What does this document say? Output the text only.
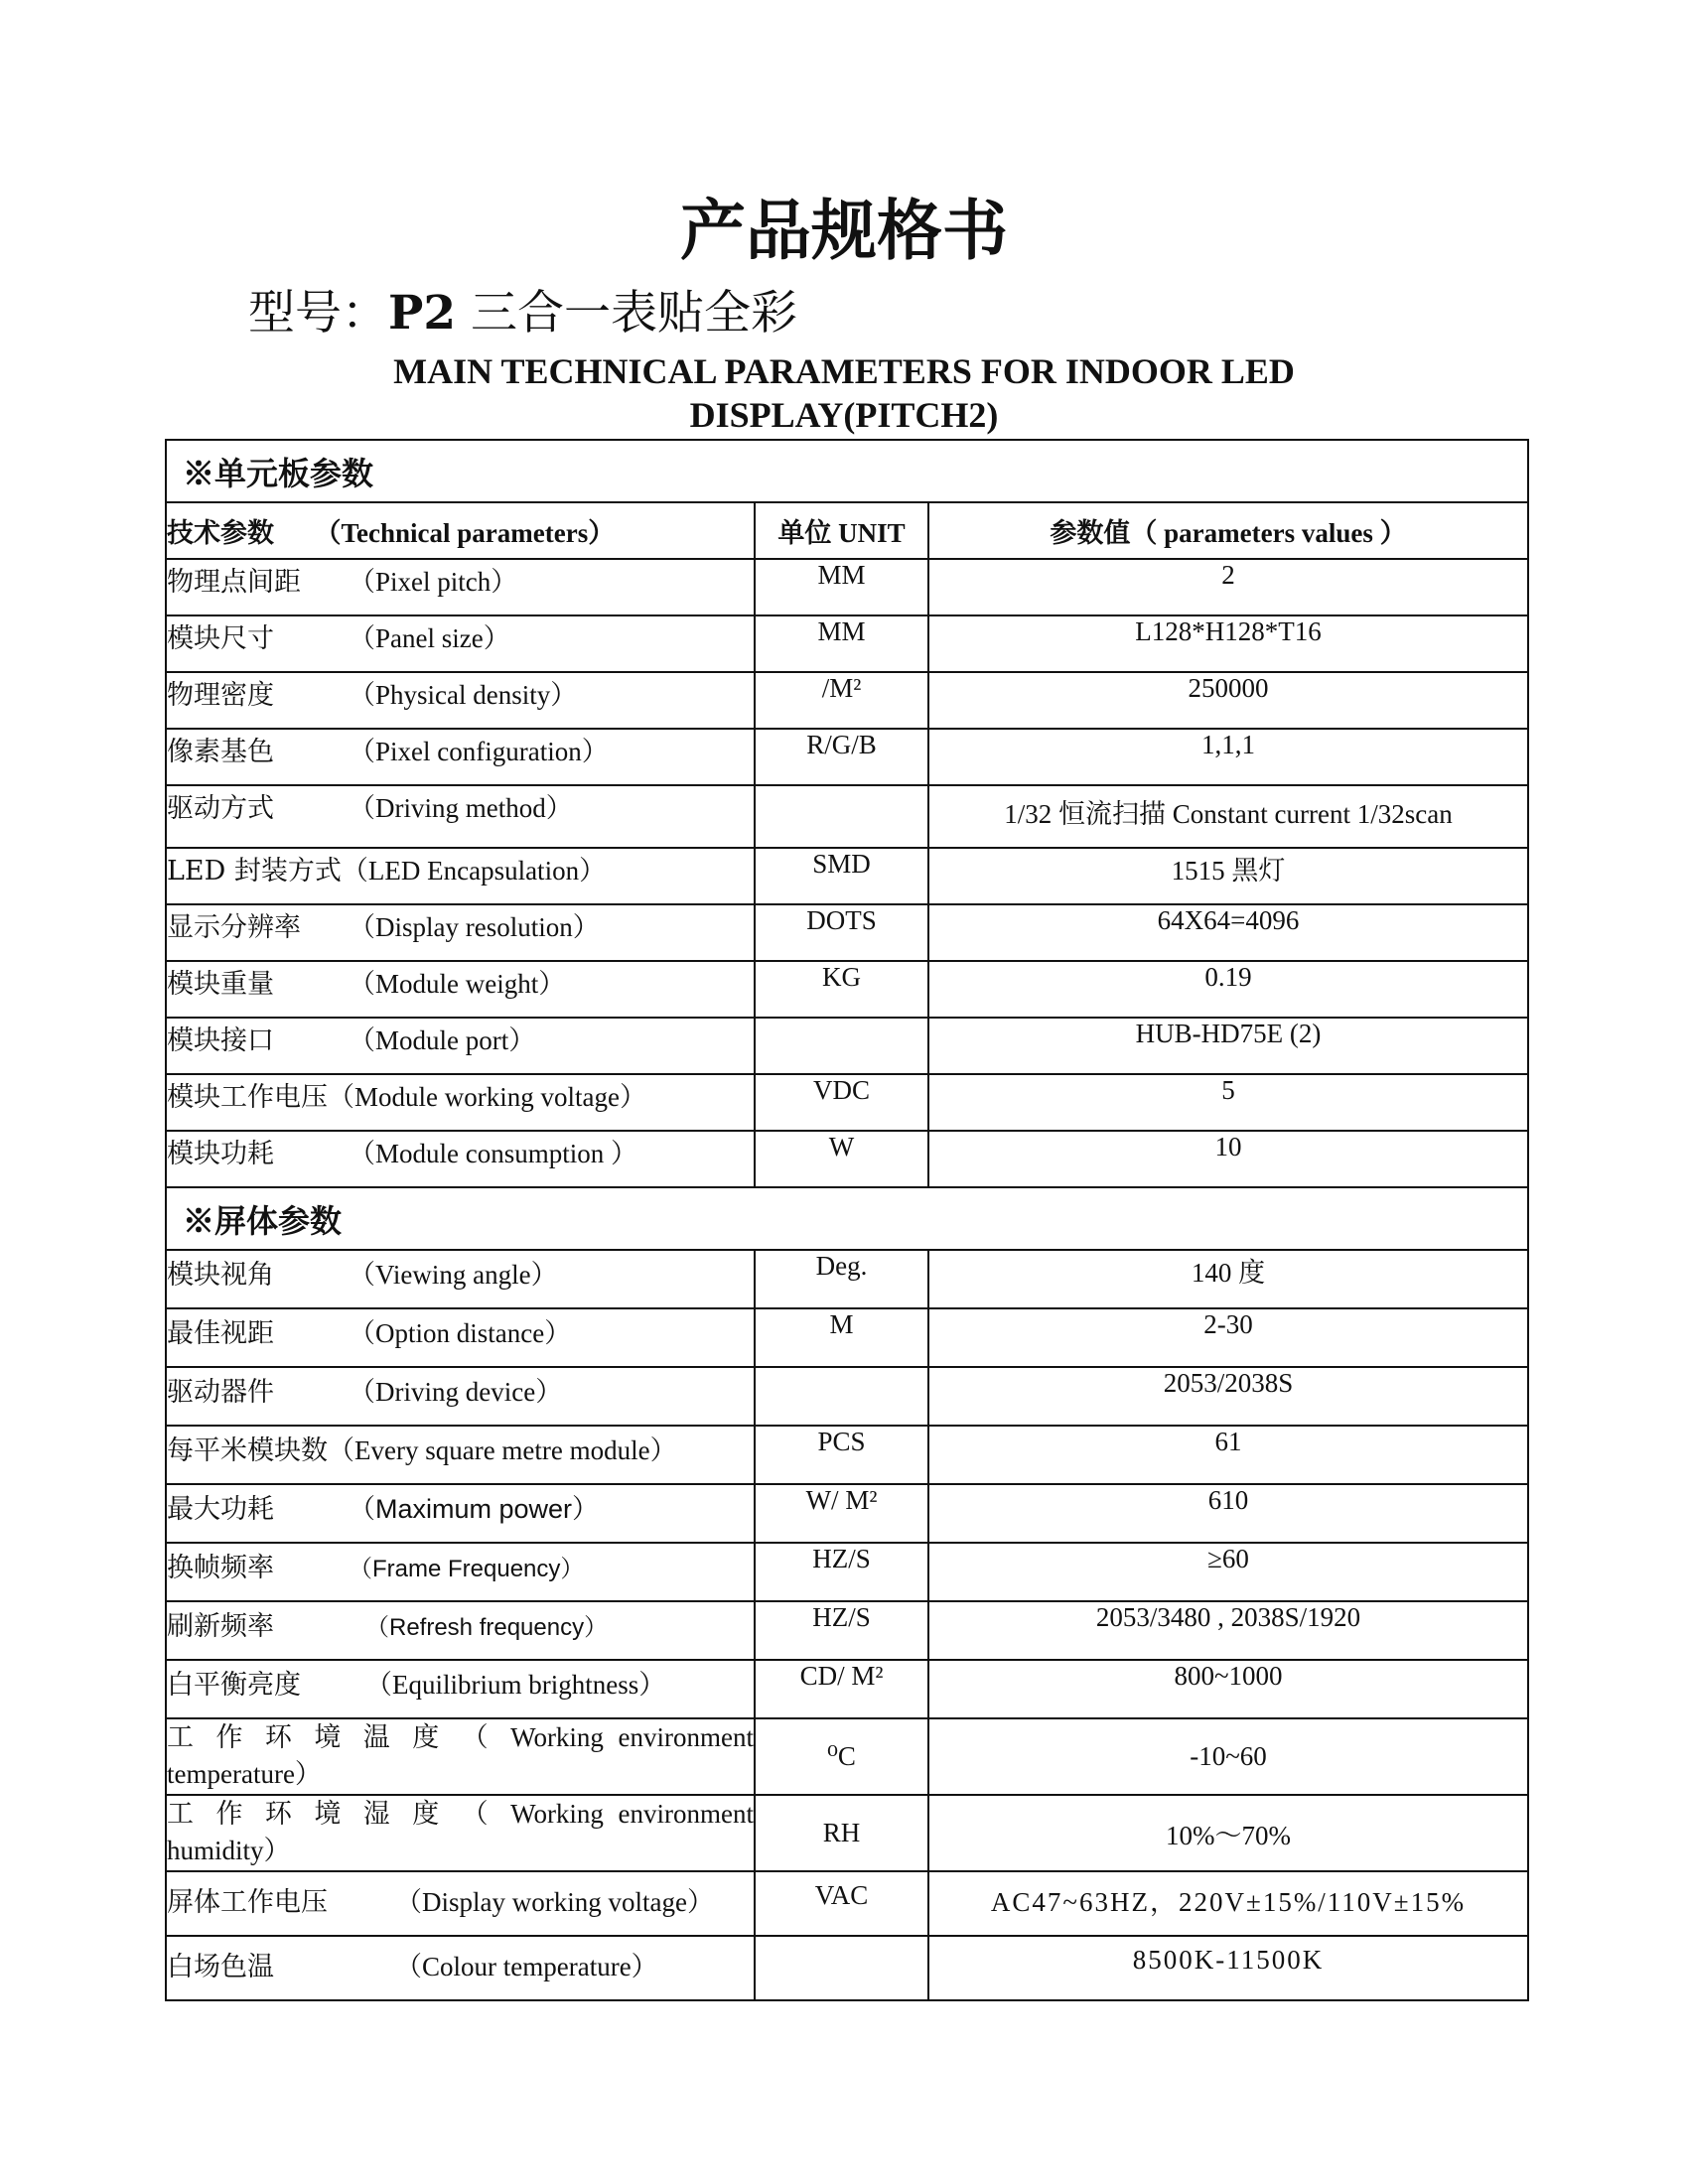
产品规格书

型号：P2 三合一表贴全彩

MAIN TECHNICAL PARAMETERS FOR INDOOR LED
DISPLAY(PITCH2)
※单元板参数		
技术参数　　（Technical parameters）	单位 UNIT	参数值（ parameters values ）
物理点间距 （Pixel pitch）	MM	2
模块尺寸 （Panel size）	MM	L128*H128*T16
物理密度 （Physical density）	/M²	250000
像素基色 （Pixel configuration）	R/G/B	1,1,1
驱动方式 （Driving method）		1/32 恒流扫描 Constant current 1/32scan
LED 封装方式（LED Encapsulation）	SMD	1515 黑灯
显示分辨率 （Display resolution）	DOTS	64X64=4096
模块重量 （Module weight）	KG	0.19
模块接口 （Module port）		HUB-HD75E (2)
模块工作电压（Module working voltage）	VDC	5
模块功耗 （Module consumption ）	W	10
※屏体参数		
模块视角 （Viewing angle）	Deg.	140 度
最佳视距 （Option distance）	M	2-30
驱动器件 （Driving device）		2053/2038S
每平米模块数（Every square metre module）	PCS	61
最大功耗 （Maximum power）	W/ M²	610
换帧频率 （Frame Frequency）	HZ/S	≥60
刷新频率 （Refresh frequency）	HZ/S	2053/3480 , 2038S/1920
白平衡亮度 （Equilibrium brightness）	CD/ M²	800~1000
工 作 环 境 温 度 （ Working environment temperature）	⁰C	-10~60
工 作 环 境 湿 度 （ Working environment humidity）	RH	10%～70%
屏体工作电压 （Display working voltage）	VAC	AC47~63HZ，220V±15%/110V±15%
白场色温 （Colour temperature）		8500K-11500K
